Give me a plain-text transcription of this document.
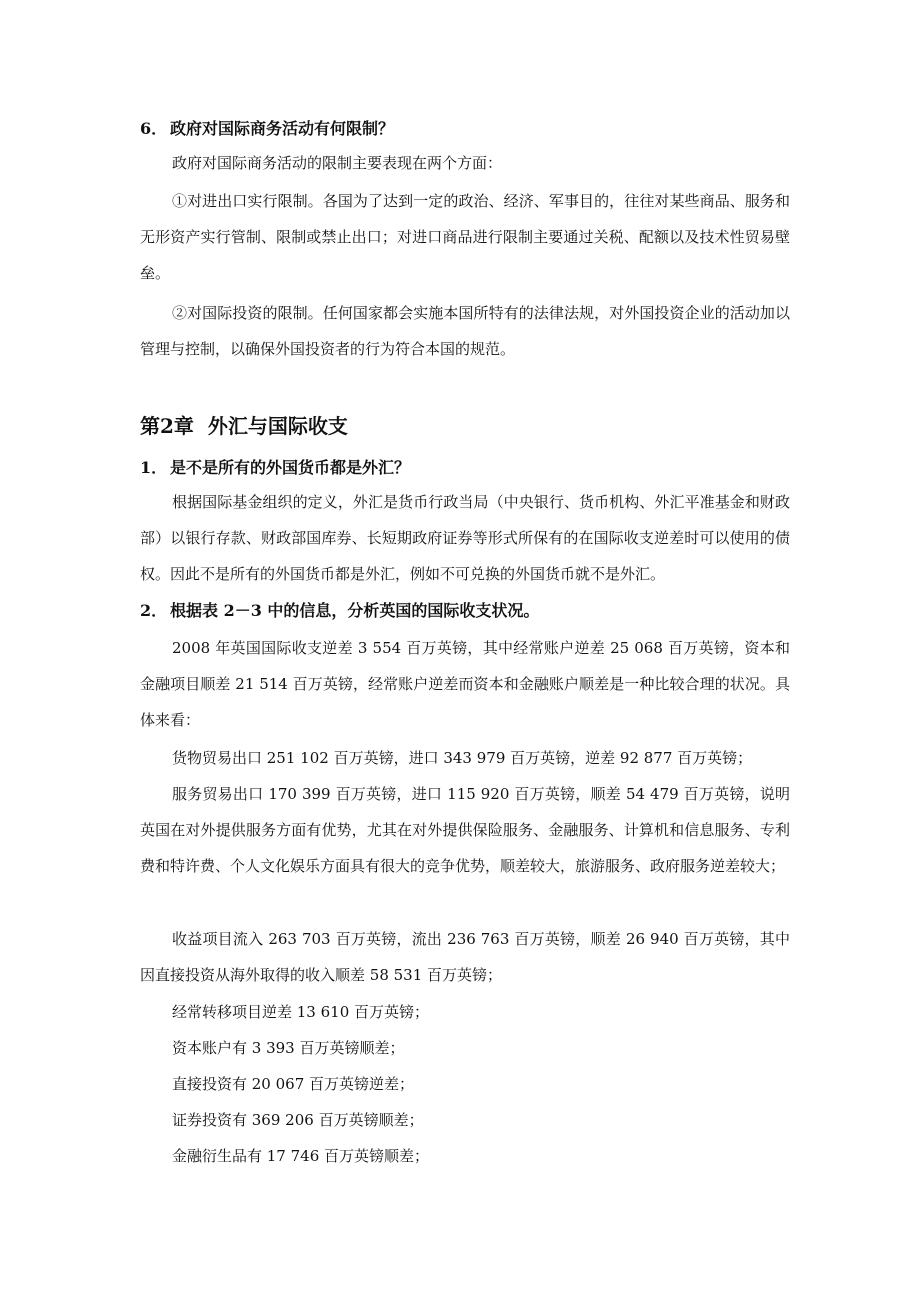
6． 政府对国际商务活动有何限制？

政府对国际商务活动的限制主要表现在两个方面：

①对进出口实行限制。各国为了达到一定的政治、经济、军事目的，往往对某些商品、服务和无形资产实行管制、限制或禁止出口；对进口商品进行限制主要通过关税、配额以及技术性贸易壁垒。

②对国际投资的限制。任何国家都会实施本国所特有的法律法规，对外国投资企业的活动加以管理与控制，以确保外国投资者的行为符合本国的规范。

第2章 外汇与国际收支
1． 是不是所有的外国货币都是外汇？

根据国际基金组织的定义，外汇是货币行政当局（中央银行、货币机构、外汇平准基金和财政部）以银行存款、财政部国库券、长短期政府证券等形式所保有的在国际收支逆差时可以使用的债权。因此不是所有的外国货币都是外汇，例如不可兑换的外国货币就不是外汇。

2． 根据表 2－3 中的信息，分析英国的国际收支状况。

2008 年英国国际收支逆差 3 554 百万英镑，其中经常账户逆差 25 068 百万英镑，资本和金融项目顺差 21 514 百万英镑，经常账户逆差而资本和金融账户顺差是一种比较合理的状况。具体来看：

货物贸易出口 251 102 百万英镑，进口 343 979 百万英镑，逆差 92 877 百万英镑；

服务贸易出口 170 399 百万英镑，进口 115 920 百万英镑，顺差 54 479 百万英镑，说明英国在对外提供服务方面有优势，尤其在对外提供保险服务、金融服务、计算机和信息服务、专利费和特许费、个人文化娱乐方面具有很大的竞争优势，顺差较大，旅游服务、政府服务逆差较大；

收益项目流入 263 703 百万英镑，流出 236 763 百万英镑，顺差 26 940 百万英镑，其中因直接投资从海外取得的收入顺差 58 531 百万英镑；

经常转移项目逆差 13 610 百万英镑；

资本账户有 3 393 百万英镑顺差；

直接投资有 20 067 百万英镑逆差；

证券投资有 369 206 百万英镑顺差；

金融衍生品有 17 746 百万英镑顺差；
